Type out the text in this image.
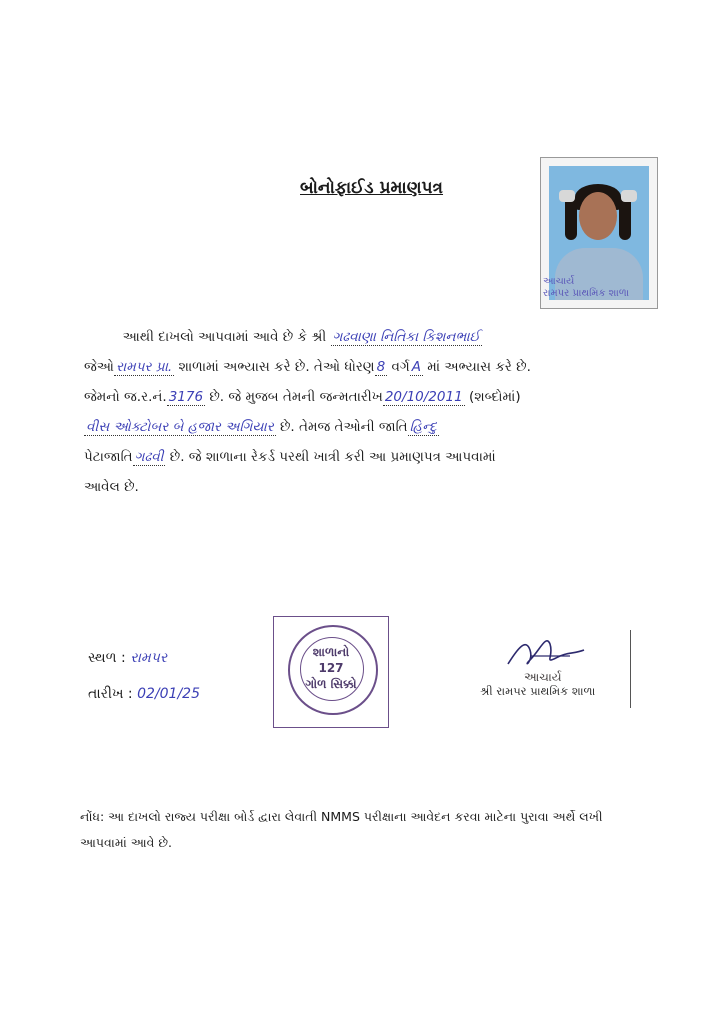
બોનોફાઈડ પ્રમાણપત્ર
આચાર્ય
રામપર પ્રાથમિક શાળા
આથી દાખલો આપવામાં આવે છે કે શ્રી ગઢવાણા નિતિકા કિશનભાઈ
જેઓ રામપર પ્રા. શાળામાં અભ્યાસ કરે છે. તેઓ ધોરણ 8 વર્ગ A માં અભ્યાસ કરે છે.
જેમનો જ.ર.નં. 3176 છે. જે મુજબ તેમની જન્મતારીખ 20/10/2011 (શબ્દોમાં)
વીસ ઓક્ટોબર બે હજાર અગિયાર છે. તેમજ તેઓની જાતિ હિન્દુ
પેટાજાતિ ગઢવી છે. જે શાળાના રેકર્ડ પરથી ખાત્રી કરી આ પ્રમાણપત્ર આપવામાં
આવેલ છે.
સ્થળ : રામપર
તારીખ : 02/01/25
શાળાનો
127
ગોળ સિક્કો	આચાર્ય
શ્રી રામપર પ્રાથમિક શાળા
નોંધ: આ દાખલો રાજ્ય પરીક્ષા બોર્ડ દ્વારા લેવાતી NMMS પરીક્ષાના આવેદન કરવા માટેના પુરાવા અર્થે લખી આપવામાં આવે છે.
